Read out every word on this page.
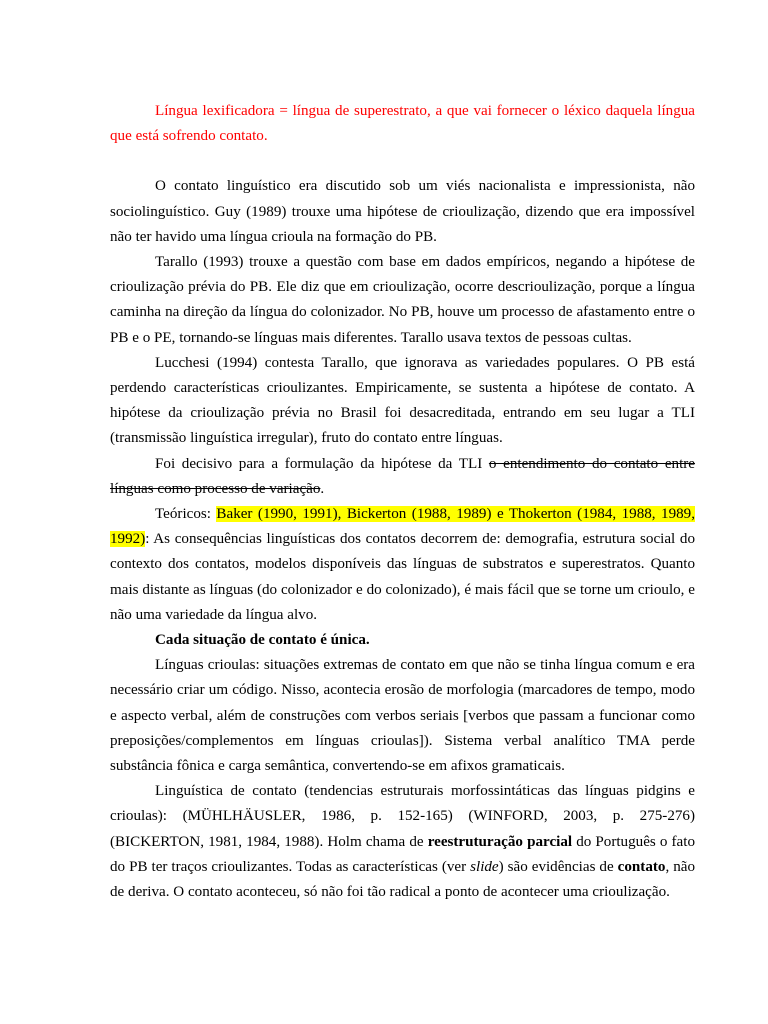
Língua lexificadora = língua de superestrato, a que vai fornecer o léxico daquela língua que está sofrendo contato.

O contato linguístico era discutido sob um viés nacionalista e impressionista, não sociolinguístico. Guy (1989) trouxe uma hipótese de crioulização, dizendo que era impossível não ter havido uma língua crioula na formação do PB.

Tarallo (1993) trouxe a questão com base em dados empíricos, negando a hipótese de crioulização prévia do PB. Ele diz que em crioulização, ocorre descrioulização, porque a língua caminha na direção da língua do colonizador. No PB, houve um processo de afastamento entre o PB e o PE, tornando-se línguas mais diferentes. Tarallo usava textos de pessoas cultas.

Lucchesi (1994) contesta Tarallo, que ignorava as variedades populares. O PB está perdendo características crioulizantes. Empiricamente, se sustenta a hipótese de contato. A hipótese da crioulização prévia no Brasil foi desacreditada, entrando em seu lugar a TLI (transmissão linguística irregular), fruto do contato entre línguas.

Foi decisivo para a formulação da hipótese da TLI o entendimento do contato entre línguas como processo de variação.

Teóricos: Baker (1990, 1991), Bickerton (1988, 1989) e Thokerton (1984, 1988, 1989, 1992): As consequências linguísticas dos contatos decorrem de: demografia, estrutura social do contexto dos contatos, modelos disponíveis das línguas de substratos e superestratos. Quanto mais distante as línguas (do colonizador e do colonizado), é mais fácil que se torne um crioulo, e não uma variedade da língua alvo.

Cada situação de contato é única.

Línguas crioulas: situações extremas de contato em que não se tinha língua comum e era necessário criar um código. Nisso, acontecia erosão de morfologia (marcadores de tempo, modo e aspecto verbal, além de construções com verbos seriais [verbos que passam a funcionar como preposições/complementos em línguas crioulas]). Sistema verbal analítico TMA perde substância fônica e carga semântica, convertendo-se em afixos gramaticais.

Linguística de contato (tendencias estruturais morfossintáticas das línguas pidgins e crioulas): (MÜHLHÄUSLER, 1986, p. 152-165) (WINFORD, 2003, p. 275-276) (BICKERTON, 1981, 1984, 1988). Holm chama de reestruturação parcial do Português o fato do PB ter traços crioulizantes. Todas as características (ver slide) são evidências de contato, não de deriva. O contato aconteceu, só não foi tão radical a ponto de acontecer uma crioulização.
